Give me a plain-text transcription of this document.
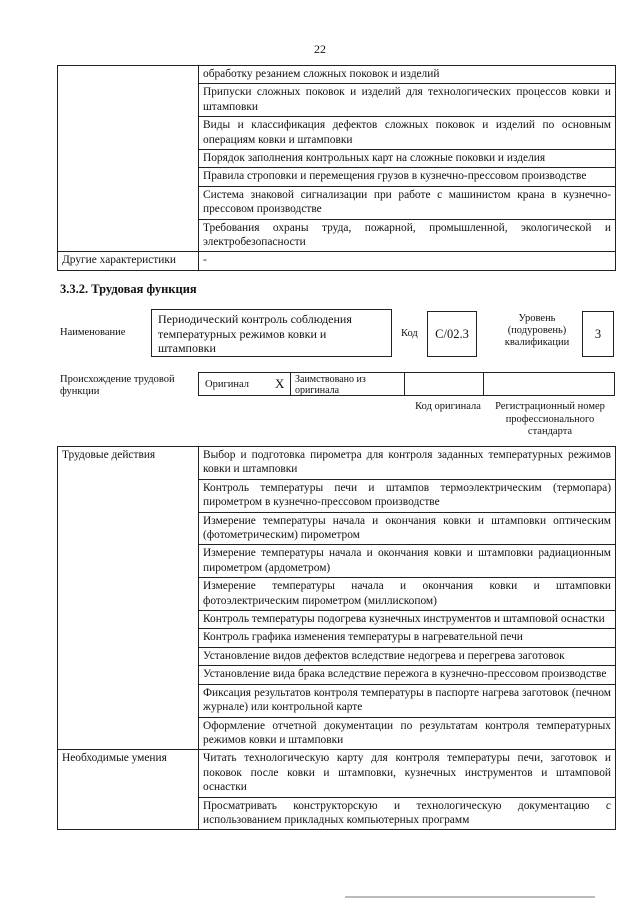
22
	обработку резанием сложных поковок и изделий
	Припуски сложных поковок и изделий для технологических процессов ковки и штамповки
	Виды и классификация дефектов сложных поковок и изделий по основным операциям ковки и штамповки
	Порядок заполнения контрольных карт на сложные поковки и изделия
	Правила строповки и перемещения грузов в кузнечно-прессовом производстве
	Система знаковой сигнализации при работе с машинистом крана в кузнечно-прессовом производстве
	Требования охраны труда, пожарной, промышленной, экологической и электробезопасности
Другие характеристики	-
3.3.2. Трудовая функция
Наименование
Периодический контроль соблюдения температурных режимов ковки и штамповки
Код	С/02.3
Уровень (подуровень) квалификации
3
Происхождение трудовой функции
Оригинал X Заимствовано из оригинала
Код оригинала	Регистрационный номер профессионального стандарта
Трудовые действия	Выбор и подготовка пирометра для контроля заданных температурных режимов ковки и штамповки
	Контроль температуры печи и штампов термоэлектрическим (термопара) пирометром в кузнечно-прессовом производстве
	Измерение температуры начала и окончания ковки и штамповки оптическим (фотометрическим) пирометром
	Измерение температуры начала и окончания ковки и штамповки радиационным пирометром (ардометром)
	Измерение температуры начала и окончания ковки и штамповки фотоэлектрическим пирометром (миллископом)
	Контроль температуры подогрева кузнечных инструментов и штамповой оснастки
	Контроль графика изменения температуры в нагревательной печи
	Установление видов дефектов вследствие недогрева и перегрева заготовок
	Установление вида брака вследствие пережога в кузнечно-прессовом производстве
	Фиксация результатов контроля температуры в паспорте нагрева заготовок (печном журнале) или контрольной карте
	Оформление отчетной документации по результатам контроля температурных режимов ковки и штамповки
Необходимые умения	Читать технологическую карту для контроля температуры печи, заготовок и поковок после ковки и штамповки, кузнечных инструментов и штамповой оснастки
	Просматривать конструкторскую и технологическую документацию с использованием прикладных компьютерных программ
